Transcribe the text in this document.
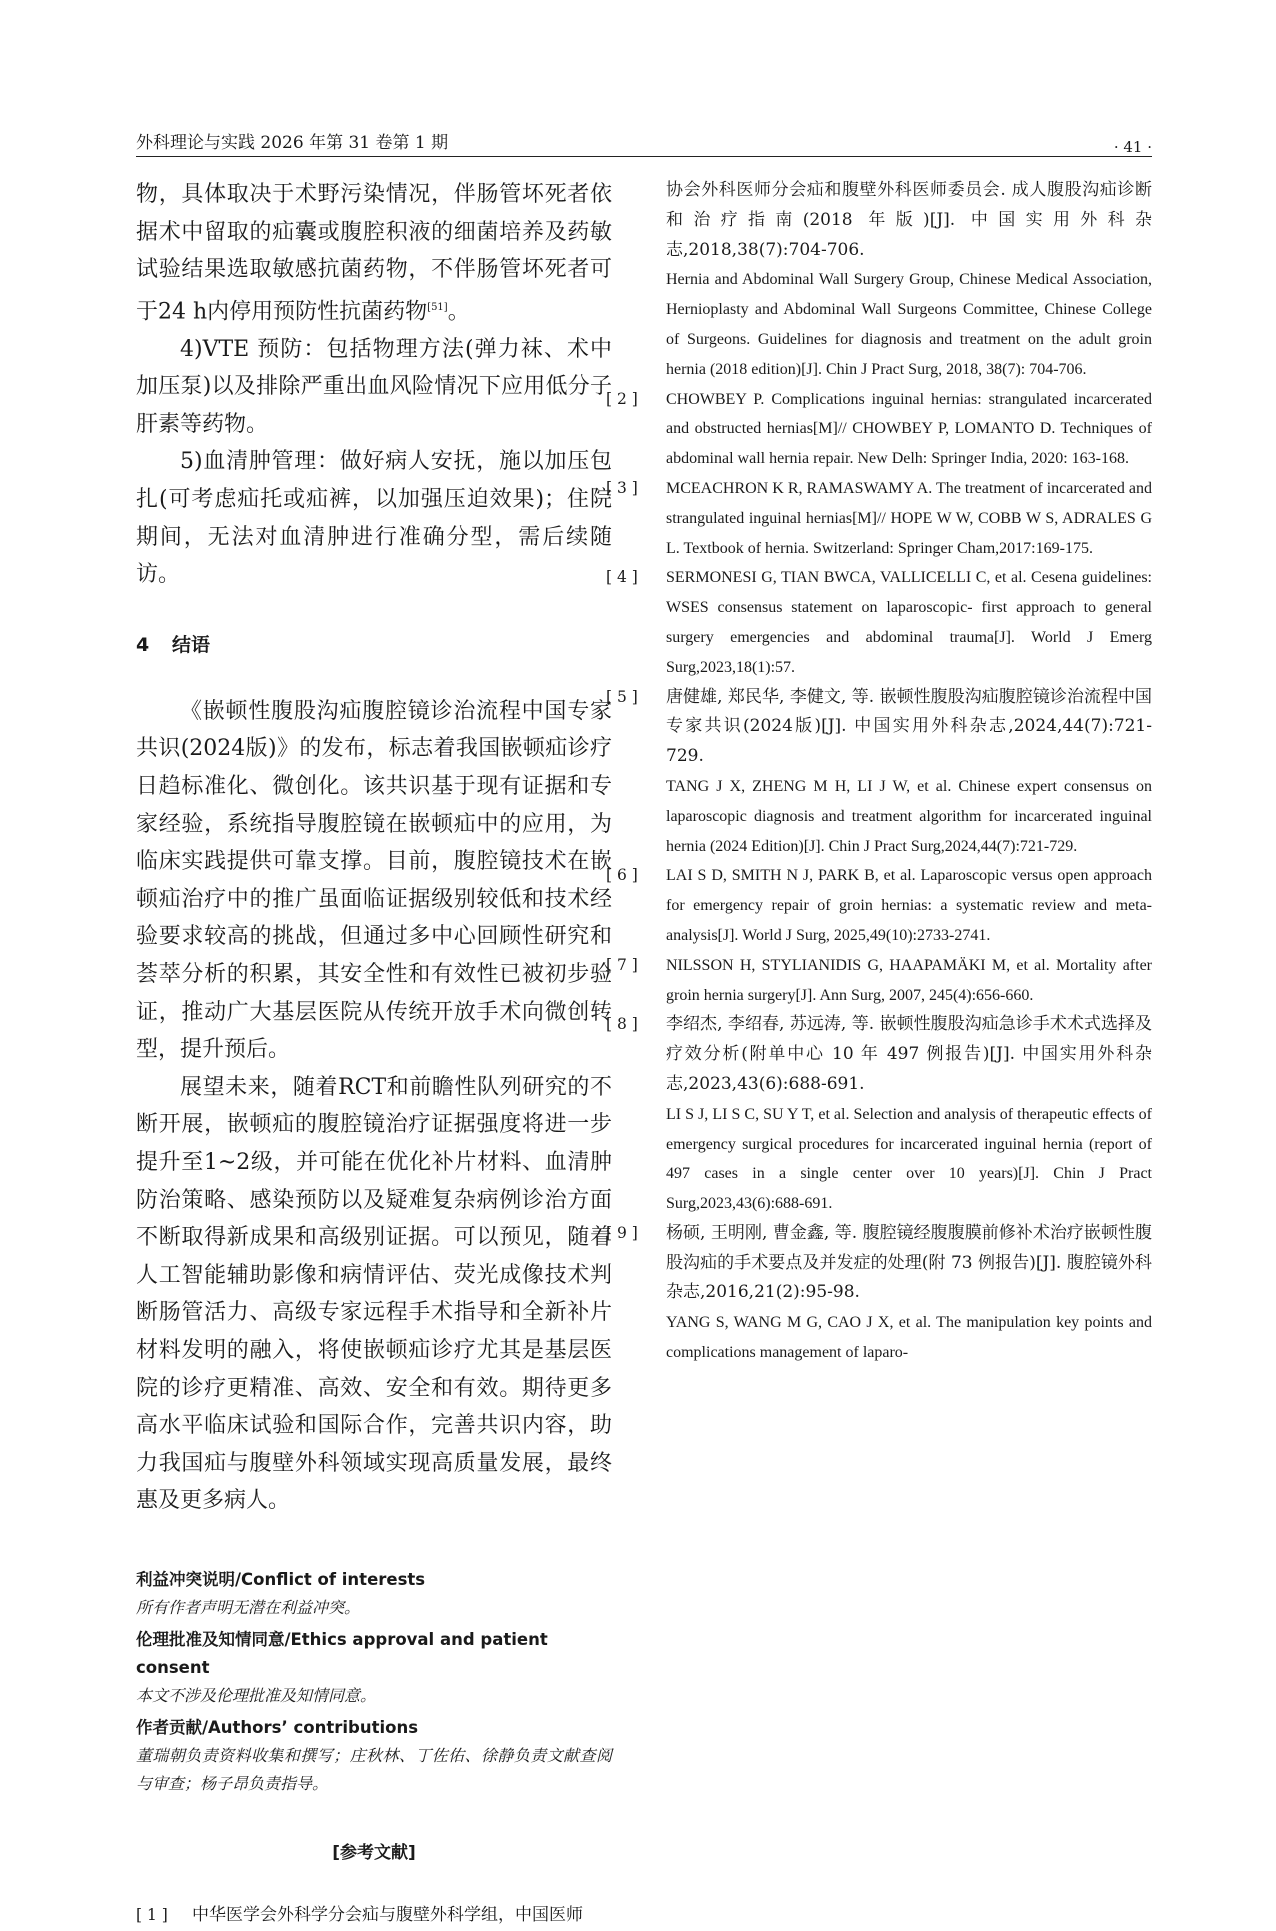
外科理论与实践 2026 年第 31 卷第 1 期	· 41 ·

物，具体取决于术野污染情况，伴肠管坏死者依据术中留取的疝囊或腹腔积液的细菌培养及药敏试验结果选取敏感抗菌药物，不伴肠管坏死者可于24 h内停用预防性抗菌药物[51]。

4)VTE 预防：包括物理方法(弹力袜、术中加压泵)以及排除严重出血风险情况下应用低分子肝素等药物。

5)血清肿管理：做好病人安抚，施以加压包扎(可考虑疝托或疝裤，以加强压迫效果)；住院期间，无法对血清肿进行准确分型，需后续随访。

4 结语

《嵌顿性腹股沟疝腹腔镜诊治流程中国专家共识(2024版)》的发布，标志着我国嵌顿疝诊疗日趋标准化、微创化。该共识基于现有证据和专家经验，系统指导腹腔镜在嵌顿疝中的应用，为临床实践提供可靠支撑。目前，腹腔镜技术在嵌顿疝治疗中的推广虽面临证据级别较低和技术经验要求较高的挑战，但通过多中心回顾性研究和荟萃分析的积累，其安全性和有效性已被初步验证，推动广大基层医院从传统开放手术向微创转型，提升预后。

展望未来，随着RCT和前瞻性队列研究的不断开展，嵌顿疝的腹腔镜治疗证据强度将进一步提升至1~2级，并可能在优化补片材料、血清肿防治策略、感染预防以及疑难复杂病例诊治方面不断取得新成果和高级别证据。可以预见，随着人工智能辅助影像和病情评估、荧光成像技术判断肠管活力、高级专家远程手术指导和全新补片材料发明的融入，将使嵌顿疝诊疗尤其是基层医院的诊疗更精准、高效、安全和有效。期待更多高水平临床试验和国际合作，完善共识内容，助力我国疝与腹壁外科领域实现高质量发展，最终惠及更多病人。

利益冲突说明/Conflict of interests
所有作者声明无潜在利益冲突。
伦理批准及知情同意/Ethics approval and patient consent
本文不涉及伦理批准及知情同意。
作者贡献/Authors’ contributions
董瑞朝负责资料收集和撰写；庄秋林、丁佐佑、徐静负责文献查阅与审查；杨子昂负责指导。
[参考文献]
[ 1 ]	中华医学会外科学分会疝与腹壁外科学组，中国医师
协会外科医师分会疝和腹壁外科医师委员会. 成人腹股沟疝诊断和治疗指南(2018 年版)[J]. 中国实用外科杂志,2018,38(7):704-706.
Hernia and Abdominal Wall Surgery Group, Chinese Medical Association, Hernioplasty and Abdominal Wall Surgeons Committee, Chinese College of Surgeons. Guidelines for diagnosis and treatment on the adult groin hernia (2018 edition)[J]. Chin J Pract Surg, 2018, 38(7): 704-706.
[ 2 ]	CHOWBEY P. Complications inguinal hernias: strangulated incarcerated and obstructed hernias[M]// CHOWBEY P, LOMANTO D. Techniques of abdominal wall hernia repair. New Delh: Springer India, 2020: 163-168.
[ 3 ]	MCEACHRON K R, RAMASWAMY A. The treatment of incarcerated and strangulated inguinal hernias[M]// HOPE W W, COBB W S, ADRALES G L. Textbook of hernia. Switzerland: Springer Cham,2017:169-175.
[ 4 ]	SERMONESI G, TIAN BWCA, VALLICELLI C, et al. Cesena guidelines: WSES consensus statement on laparoscopic- first approach to general surgery emergencies and abdominal trauma[J]. World J Emerg Surg,2023,18(1):57.
[ 5 ]	唐健雄, 郑民华, 李健文, 等. 嵌顿性腹股沟疝腹腔镜诊治流程中国专家共识(2024版)[J]. 中国实用外科杂志,2024,44(7):721-729.
TANG J X, ZHENG M H, LI J W, et al. Chinese expert consensus on laparoscopic diagnosis and treatment algorithm for incarcerated inguinal hernia (2024 Edition)[J]. Chin J Pract Surg,2024,44(7):721-729.
[ 6 ]	LAI S D, SMITH N J, PARK B, et al. Laparoscopic versus open approach for emergency repair of groin hernias: a systematic review and meta-analysis[J]. World J Surg, 2025,49(10):2733-2741.
[ 7 ]	NILSSON H, STYLIANIDIS G, HAAPAMÄKI M, et al. Mortality after groin hernia surgery[J]. Ann Surg, 2007, 245(4):656-660.
[ 8 ]	李绍杰, 李绍春, 苏远涛, 等. 嵌顿性腹股沟疝急诊手术术式选择及疗效分析(附单中心 10 年 497 例报告)[J]. 中国实用外科杂志,2023,43(6):688-691.
LI S J, LI S C, SU Y T, et al. Selection and analysis of therapeutic effects of emergency surgical procedures for incarcerated inguinal hernia (report of 497 cases in a single center over 10 years)[J]. Chin J Pract Surg,2023,43(6):688-691.
[ 9 ]	杨硕, 王明刚, 曹金鑫, 等. 腹腔镜经腹腹膜前修补术治疗嵌顿性腹股沟疝的手术要点及并发症的处理(附 73 例报告)[J]. 腹腔镜外科杂志,2016,21(2):95-98.
YANG S, WANG M G, CAO J X, et al. The manipulation key points and complications management of laparo-
